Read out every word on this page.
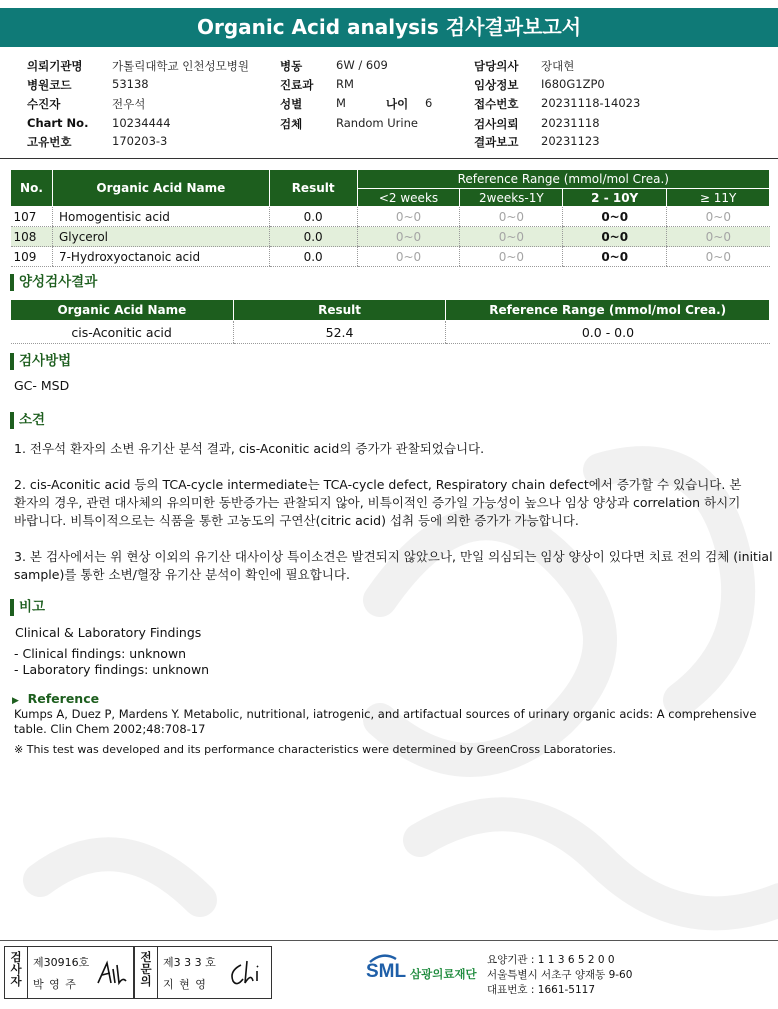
Organic Acid analysis 검사결과보고서
의뢰기관명	가톨릭대학교 인천성모병원
병원코드	53138
수진자	전우석
Chart No. 10234444
고유번호	170203-3
병동	6W / 609
진료과 RM
성별	M	나이 6
검체	Random Urine
담당의사 장대현
임상정보 I680G1ZP0
접수번호 20231118-14023
검사의뢰 20231118
결과보고 20231123
No.	Organic Acid Name	Result	Reference Range (mmol/mol Crea.)			
			<2 weeks	2weeks-1Y	2 - 10Y	≥ 11Y
107	Homogentisic acid	0.0	0~0	0~0	0~0	0~0
108	Glycerol	0.0	0~0	0~0	0~0	0~0
109	7-Hydroxyoctanoic acid	0.0	0~0	0~0	0~0	0~0
양성검사결과
Organic Acid Name	Result	Reference Range (mmol/mol Crea.)
cis-Aconitic acid	52.4	0.0 - 0.0
검사방법
GC- MSD
소견
1. 전우석 환자의 소변 유기산 분석 결과, cis-Aconitic acid의 증가가 관찰되었습니다.
2. cis-Aconitic acid 등의 TCA-cycle intermediate는 TCA-cycle defect, Respiratory chain defect에서 증가할 수 있습니다. 본
환자의 경우, 관련 대사체의 유의미한 동반증가는 관찰되지 않아, 비특이적인 증가일 가능성이 높으나 임상 양상과 correlation 하시기
바랍니다. 비특이적으로는 식품을 통한 고농도의 구연산(citric acid) 섭취 등에 의한 증가가 가능합니다.
3. 본 검사에서는 위 현상 이외의 유기산 대사이상 특이소견은 발견되지 않았으나, 만일 의심되는 임상 양상이 있다면 치료 전의 검체 (initial
sample)를 통한 소변/혈장 유기산 분석이 확인에 필요합니다.
비고
Clinical & Laboratory Findings
- Clinical findings: unknown
- Laboratory findings: unknown
▶ Reference
Kumps A, Duez P, Mardens Y. Metabolic, nutritional, iatrogenic, and artifactual sources of urinary organic acids: A comprehensive
table. Clin Chem 2002;48:708-17
※ This test was developed and its performance characteristics were determined by GreenCross Laboratories.
검사자
제30916호
박 영 주
전문의
제3 3 3 호
지 현 영
SML 삼광의료재단
요양기관 : 1 1 3 6 5 2 0 0
서울특별시 서초구 양재동 9-60
대표번호 : 1661-5117
